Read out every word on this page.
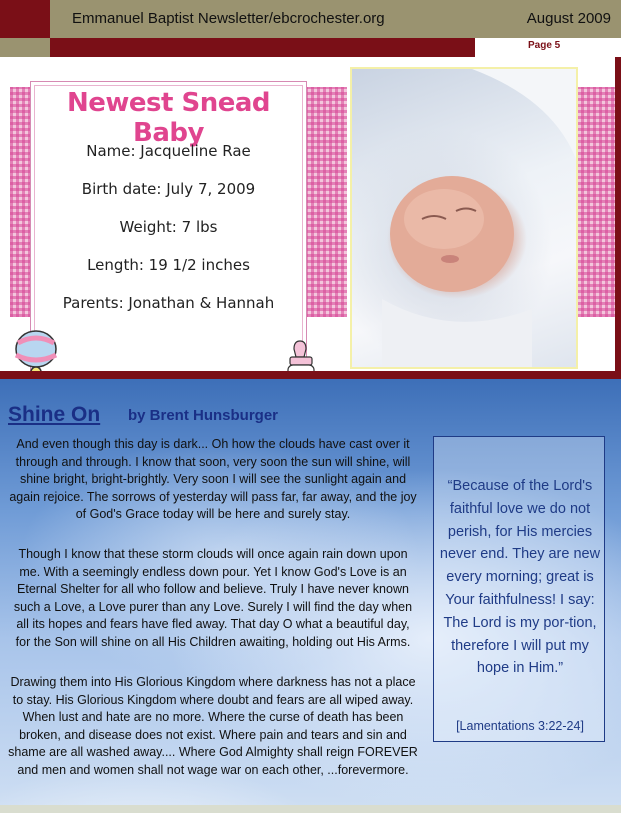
Emmanuel Baptist Newsletter/ebcrochester.org	August 2009
Page 5
Newest Snead Baby
Name: Jacqueline Rae
Birth date: July 7, 2009
Weight: 7 lbs
Length: 19 1/2 inches
Parents: Jonathan & Hannah
Shine On by Brent Hunsburger
And even though this day is dark... Oh how the clouds have cast over it through and through. I know that soon, very soon the sun will shine, will shine bright, bright-brightly. Very soon I will see the sunlight again and again rejoice. The sorrows of yesterday will pass far, far away, and the joy of God's Grace today will be here and surely stay.
Though I know that these storm clouds will once again rain down upon me. With a seemingly endless down pour. Yet I know God's Love is an Eternal Shelter for all who follow and believe. Truly I have never known such a Love, a Love purer than any Love. Surely I will find the day when all its hopes and fears have fled away. That day O what a beautiful day, for the Son will shine on all His Children awaiting, holding out His Arms.
Drawing them into His Glorious Kingdom where darkness has not a place to stay. His Glorious Kingdom where doubt and fears are all wiped away. When lust and hate are no more. Where the curse of death has been broken, and disease does not exist. Where pain and tears and sin and shame are all washed away.... Where God Almighty shall reign FOREVER and men and women shall not wage war on each other, ...forevermore.
“Because of the Lord's faithful love we do not perish, for His mercies never end. They are new every morning; great is Your faithfulness! I say: The Lord is my por-tion, therefore I will put my hope in Him.”
[Lamentations 3:22-24]
